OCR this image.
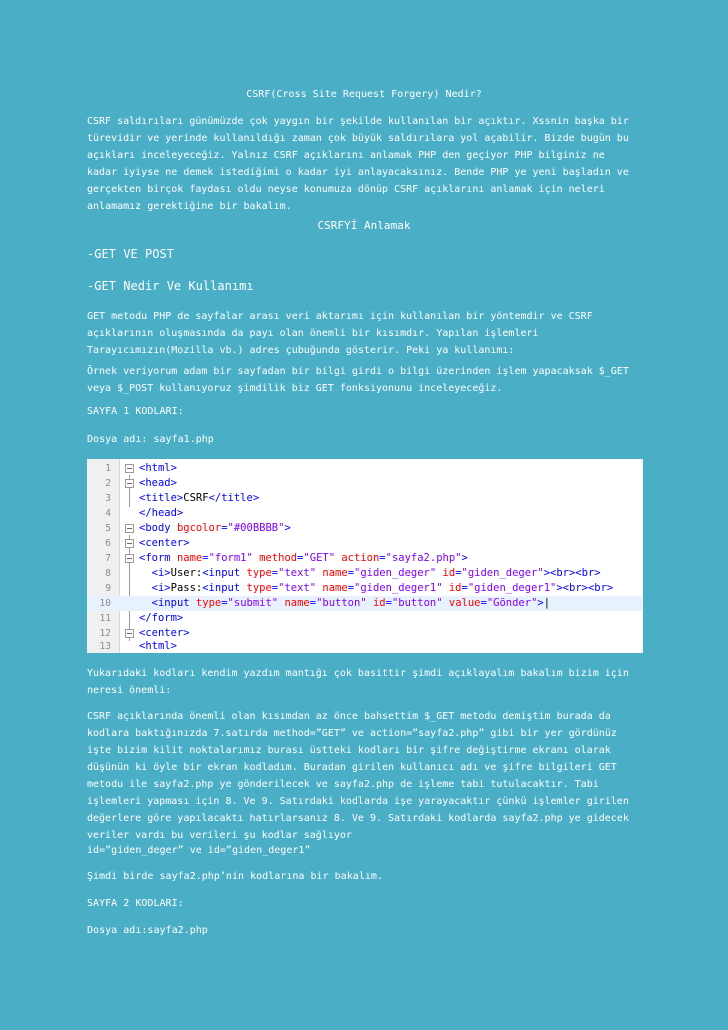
CSRF(Cross Site Request Forgery) Nedir?
CSRF saldırıları günümüzde çok yaygın bir şekilde kullanılan bir açıktır. Xssnin başka bir
türevidir ve yerinde kullanıldığı zaman çok büyük saldırılara yol açabilir. Bizde bugün bu
açıkları inceleyeceğiz. Yalnız CSRF açıklarını anlamak PHP den geçiyor PHP bilginiz ne
kadar iyiyse ne demek istediğimi o kadar iyi anlayacaksınız. Bende PHP ye yeni başladın ve
gerçekten birçok faydası oldu neyse konumuza dönüp CSRF açıklarını anlamak için neleri
anlamamız gerektiğine bir bakalım.
CSRFYİ Anlamak
-GET VE POST
-GET Nedir Ve Kullanımı
GET metodu PHP de sayfalar arası veri aktarımı için kullanılan bir yöntemdir ve CSRF
açıklarının oluşmasında da payı olan önemli bir kısımdır. Yapılan işlemleri
Tarayıcımızın(Mozilla vb.) adres çubuğunda gösterir. Peki ya kullanımı:
Örnek veriyorum adam bir sayfadan bir bilgi girdi o bilgi üzerinden işlem yapacaksak $_GET
veya $_POST kullanıyoruz şimdilik biz GET fonksiyonunu inceleyeceğiz.
SAYFA 1 KODLARI:
Dosya adı: sayfa1.php
1	<html>
2	<head>
3	<title>CSRF</title>
4	</head>
5	<body bgcolor="#00BBBB">
6	<center>
7	<form name="form1" method="GET" action="sayfa2.php">
8	<i>User:<input type="text" name="giden_deger" id="giden_deger"><br><br>
9	<i>Pass:<input type="text" name="giden_deger1" id="giden_deger1"><br><br>
10	<input type="submit" name="button" id="button" value="Gönder">|
11	</form>
12	<center>
13	<html>
Yukarıdaki kodları kendim yazdım mantığı çok basittir şimdi açıklayalım bakalım bizim için
neresi önemli:
CSRF açıklarında önemli olan kısımdan az önce bahsettim $_GET metodu demiştim burada da
kodlara baktığınızda 7.satırda method=”GET” ve action=”sayfa2.php” gibi bir yer gördünüz
işte bizim kilit noktalarımız burası üstteki kodları bir şifre değiştirme ekranı olarak
düşünün ki öyle bir ekran kodladım. Buradan girilen kullanıcı adı ve şifre bilgileri GET
metodu ile sayfa2.php ye gönderilecek ve sayfa2.php de işleme tabi tutulacaktır. Tabi
işlemleri yapması için 8. Ve 9. Satırdaki kodlarda işe yarayacaktır çünkü işlemler girilen
değerlere göre yapılacaktı hatırlarsanız 8. Ve 9. Satırdaki kodlarda sayfa2.php ye gidecek
veriler vardı bu verileri şu kodlar sağlıyor
id=”giden_deger” ve id=”giden_deger1”
Şimdi birde sayfa2.php’nin kodlarına bir bakalım.
SAYFA 2 KODLARI:
Dosya adı:sayfa2.php
